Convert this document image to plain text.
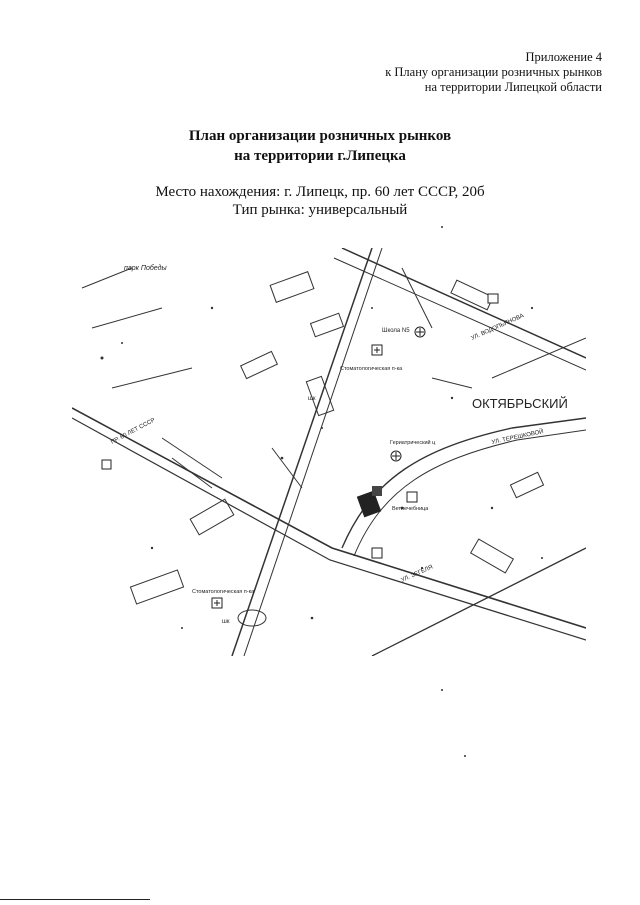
Приложение 4
к Плану организации розничных рынков
на территории Липецкой области
План организации розничных рынков
на территории г.Липецка
Место нахождения: г. Липецк, пр. 60 лет СССР, 20б
Тип рынка: универсальный
парк Победы
ОКТЯБРЬСКИЙ
ПР. 60 ЛЕТ СССР
УЛ. ВОДОПЬЯНОВА
УЛ. ТЕРЕШКОВОЙ
УЛ. ЗЕГЕЛЯ
Школа N5
Стоматологическая п-ка
Гериатрический ц
Стоматологическая п-ка
шк
шк
Ветлечебница
